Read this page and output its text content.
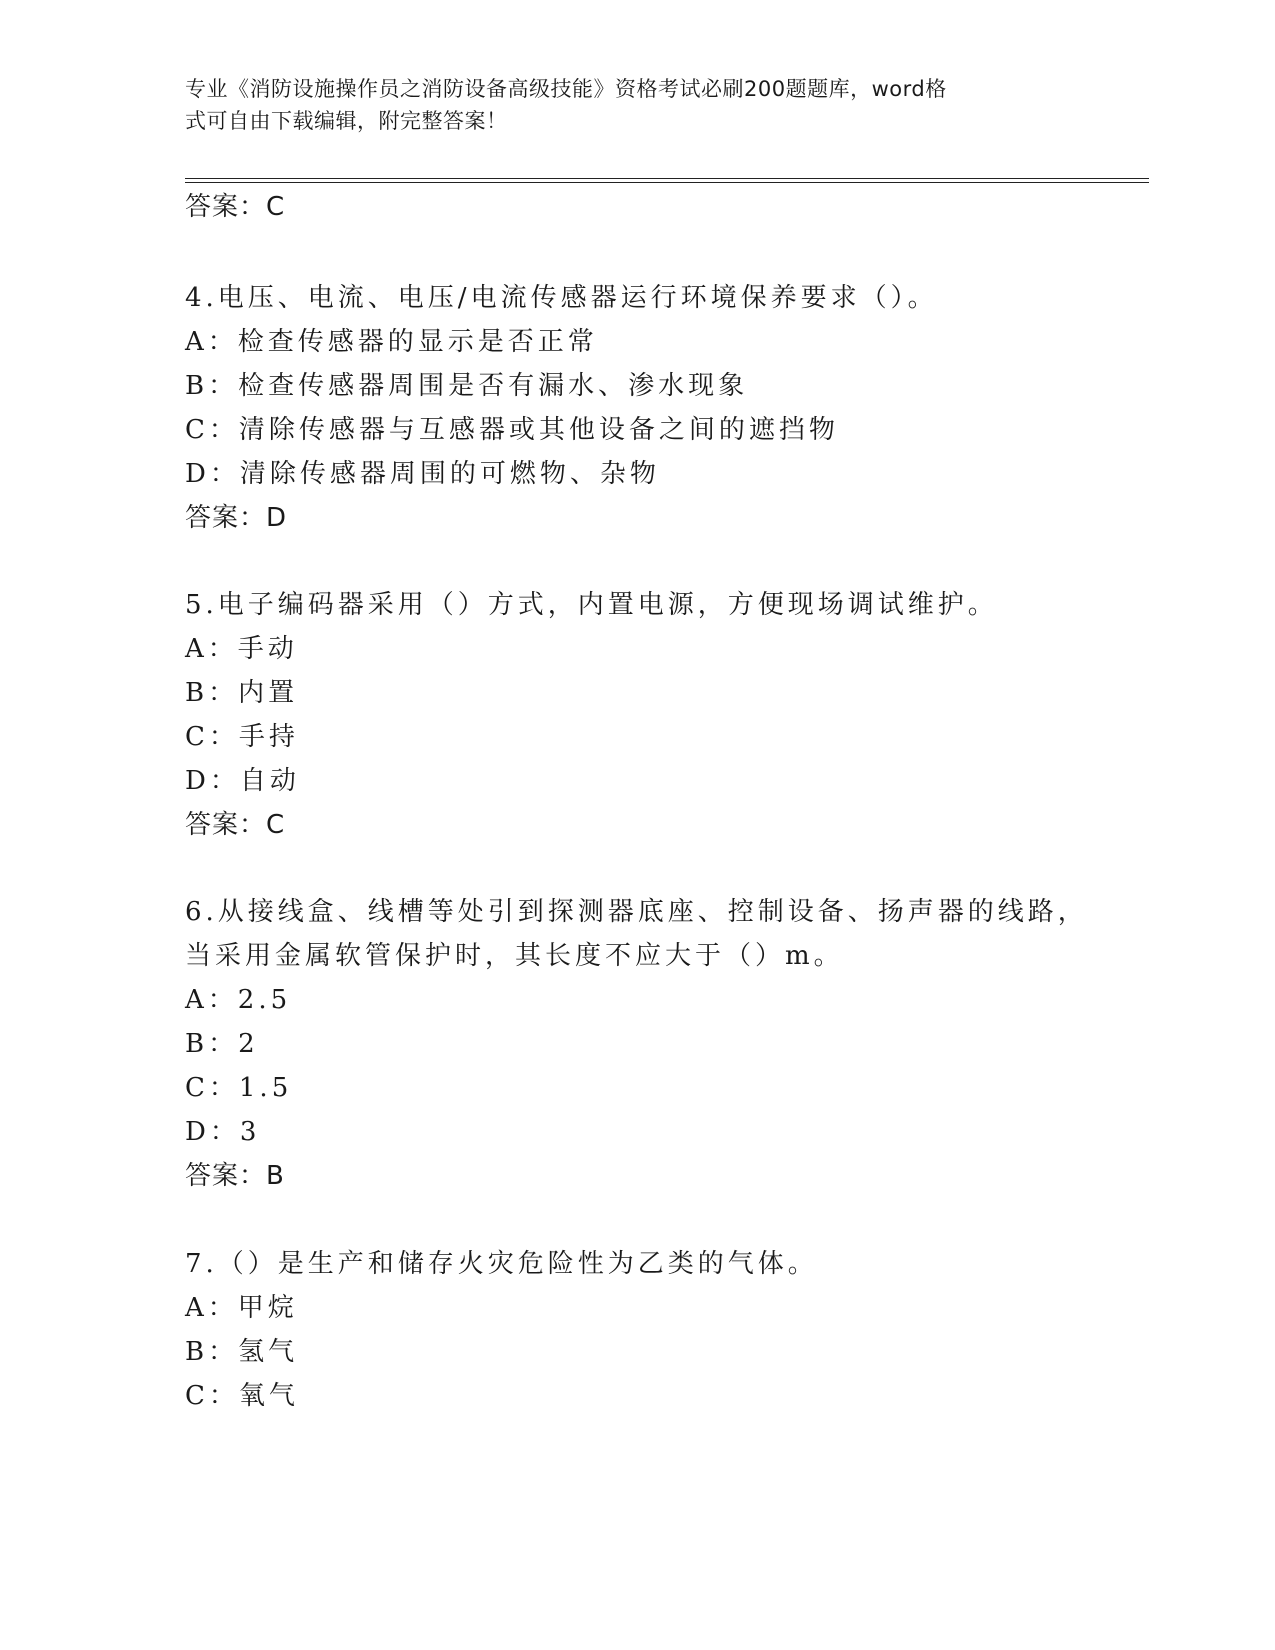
专业《消防设施操作员之消防设备高级技能》资格考试必刷200题题库，word格
式可自由下载编辑，附完整答案！
答案：C
4.电压、电流、电压/电流传感器运行环境保养要求（）。
A：检查传感器的显示是否正常
B：检查传感器周围是否有漏水、渗水现象
C：清除传感器与互感器或其他设备之间的遮挡物
D：清除传感器周围的可燃物、杂物
答案：D
5.电子编码器采用（）方式，内置电源，方便现场调试维护。
A：手动
B：内置
C：手持
D：自动
答案：C
6.从接线盒、线槽等处引到探测器底座、控制设备、扬声器的线路，
当采用金属软管保护时，其长度不应大于（）m。
A：2.5
B：2
C：1.5
D：3
答案：B
7.（）是生产和储存火灾危险性为乙类的气体。
A：甲烷
B：氢气
C：氧气
